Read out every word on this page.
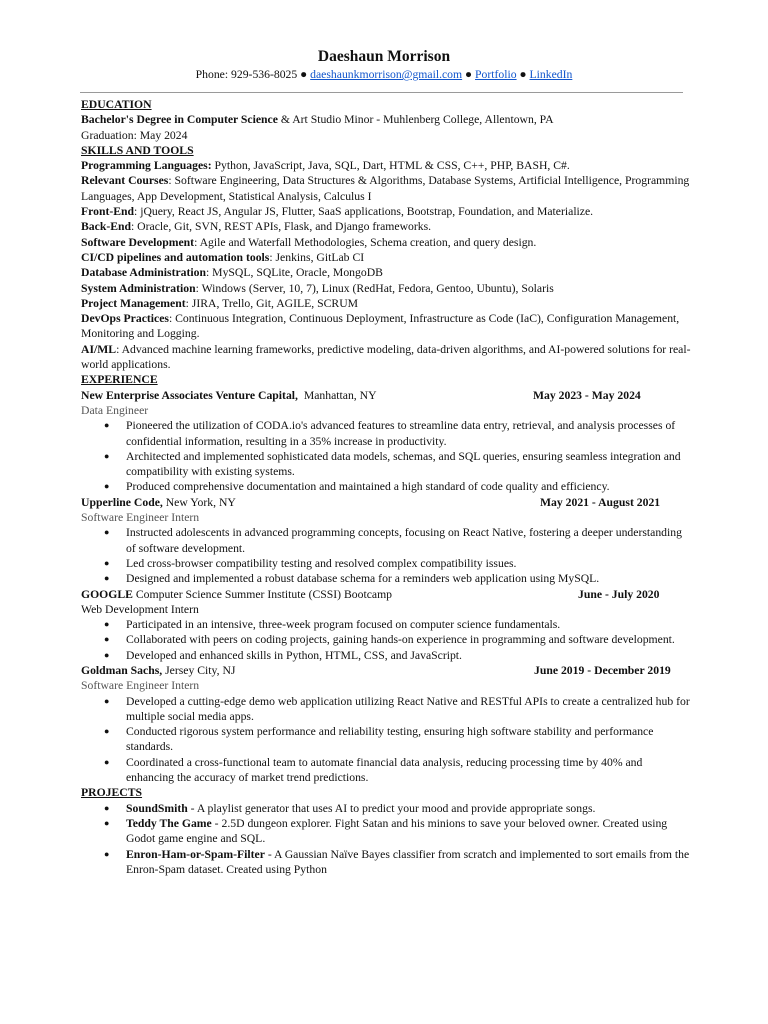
Daeshaun Morrison
Phone: 929-536-8025 ● daeshaunkmorrison@gmail.com ● Portfolio ● LinkedIn
EDUCATION
Bachelor's Degree in Computer Science & Art Studio Minor - Muhlenberg College, Allentown, PA
Graduation: May 2024
SKILLS AND TOOLS
Programming Languages: Python, JavaScript, Java, SQL, Dart, HTML & CSS, C++, PHP, BASH, C#.
Relevant Courses: Software Engineering, Data Structures & Algorithms, Database Systems, Artificial Intelligence, Programming Languages, App Development, Statistical Analysis, Calculus I
Front-End: jQuery, React JS, Angular JS, Flutter, SaaS applications, Bootstrap, Foundation, and Materialize.
Back-End: Oracle, Git, SVN, REST APIs, Flask, and Django frameworks.
Software Development: Agile and Waterfall Methodologies, Schema creation, and query design.
CI/CD pipelines and automation tools: Jenkins, GitLab CI
Database Administration: MySQL, SQLite, Oracle, MongoDB
System Administration: Windows (Server, 10, 7), Linux (RedHat, Fedora, Gentoo, Ubuntu), Solaris
Project Management: JIRA, Trello, Git, AGILE, SCRUM
DevOps Practices: Continuous Integration, Continuous Deployment, Infrastructure as Code (IaC), Configuration Management, Monitoring and Logging.
AI/ML: Advanced machine learning frameworks, predictive modeling, data-driven algorithms, and AI-powered solutions for real-world applications.
EXPERIENCE
New Enterprise Associates Venture Capital,  Manhattan, NY	May 2023 - May 2024
Data Engineer
● Pioneered the utilization of CODA.io's advanced features to streamline data entry, retrieval, and analysis processes of confidential information, resulting in a 35% increase in productivity.
● Architected and implemented sophisticated data models, schemas, and SQL queries, ensuring seamless integration and compatibility with existing systems.
● Produced comprehensive documentation and maintained a high standard of code quality and efficiency.
Upperline Code, New York, NY	May 2021 - August 2021
Software Engineer Intern
● Instructed adolescents in advanced programming concepts, focusing on React Native, fostering a deeper understanding of software development.
● Led cross-browser compatibility testing and resolved complex compatibility issues.
● Designed and implemented a robust database schema for a reminders web application using MySQL.
GOOGLE Computer Science Summer Institute (CSSI) Bootcamp	June - July 2020
Web Development Intern
● Participated in an intensive, three-week program focused on computer science fundamentals.
● Collaborated with peers on coding projects, gaining hands-on experience in programming and software development.
● Developed and enhanced skills in Python, HTML, CSS, and JavaScript.
Goldman Sachs, Jersey City, NJ	June 2019 - December 2019
Software Engineer Intern
● Developed a cutting-edge demo web application utilizing React Native and RESTful APIs to create a centralized hub for multiple social media apps.
● Conducted rigorous system performance and reliability testing, ensuring high software stability and performance standards.
● Coordinated a cross-functional team to automate financial data analysis, reducing processing time by 40% and enhancing the accuracy of market trend predictions.
PROJECTS
● SoundSmith - A playlist generator that uses AI to predict your mood and provide appropriate songs.
● Teddy The Game - 2.5D dungeon explorer. Fight Satan and his minions to save your beloved owner. Created using Godot game engine and SQL.
● Enron-Ham-or-Spam-Filter - A Gaussian Naïve Bayes classifier from scratch and implemented to sort emails from the Enron-Spam dataset. Created using Python
